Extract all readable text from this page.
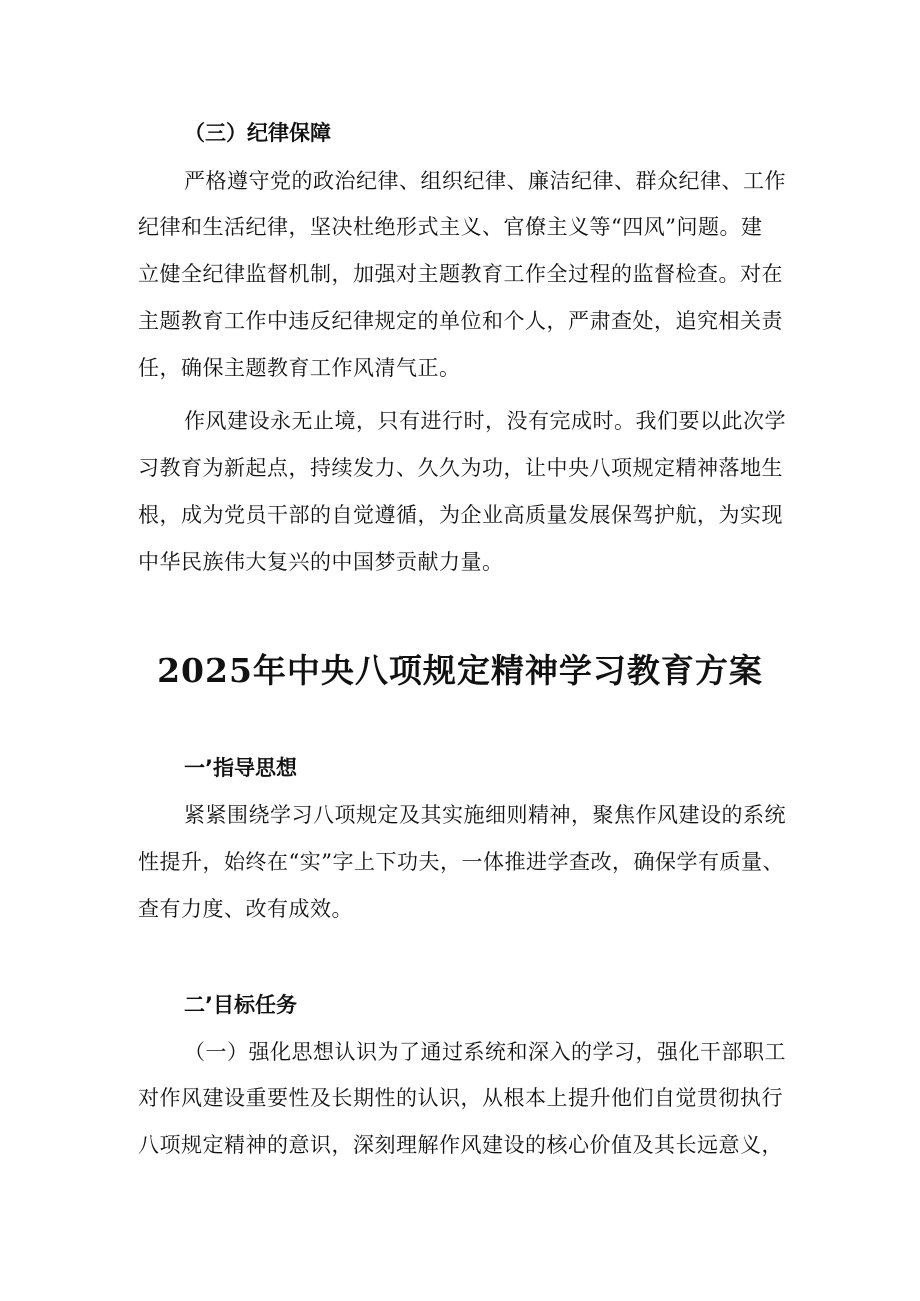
（三）纪律保障
严格遵守党的政治纪律、组织纪律、廉洁纪律、群众纪律、工作
纪律和生活纪律，坚决杜绝形式主义、官僚主义等“四风”问题。建
立健全纪律监督机制，加强对主题教育工作全过程的监督检查。对在
主题教育工作中违反纪律规定的单位和个人，严肃查处，追究相关责
任，确保主题教育工作风清气正。
作风建设永无止境，只有进行时，没有完成时。我们要以此次学
习教育为新起点，持续发力、久久为功，让中央八项规定精神落地生
根，成为党员干部的自觉遵循，为企业高质量发展保驾护航，为实现
中华民族伟大复兴的中国梦贡献力量。
2025年中央八项规定精神学习教育方案
一’指导思想
紧紧围绕学习八项规定及其实施细则精神，聚焦作风建设的系统
性提升，始终在“实”字上下功夫，一体推进学查改，确保学有质量、
查有力度、改有成效。
二’目标任务
（一）强化思想认识为了通过系统和深入的学习，强化干部职工
对作风建设重要性及长期性的认识，从根本上提升他们自觉贯彻执行
八项规定精神的意识，深刻理解作风建设的核心价值及其长远意义，
